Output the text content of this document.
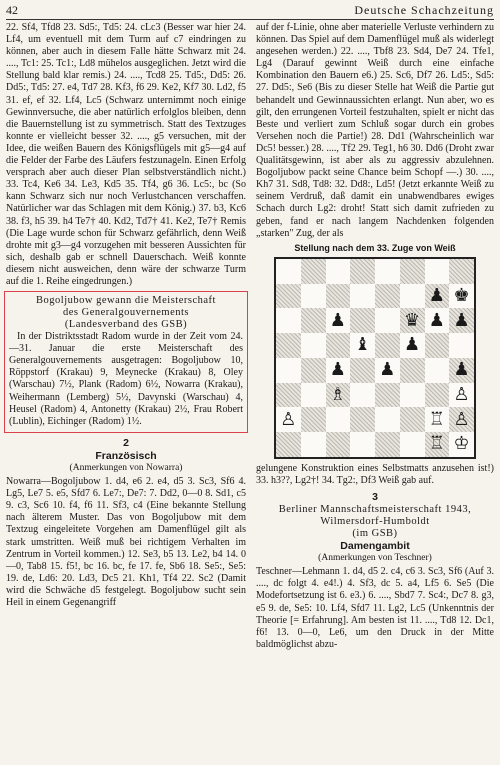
42	Deutsche Schachzeitung

22. Sf4, Tfd8 23. Sd5:, Td5: 24. cLc3 (Besser war hier 24. Lf4, um eventuell mit dem Turm auf c7 eindringen zu können, aber auch in diesem Falle hätte Schwarz mit 24. ...., Tc1: 25. Tc1:, Ld8 mühelos ausgeglichen. Jetzt wird die Stellung bald klar remis.) 24. ...., Tcd8 25. Td5:, Dd5: 26. Dd5:, Td5: 27. e4, Td7 28. Kf3, f6 29. Ke2, Kf7 30. Ld2, f5 31. ef, ef 32. Lf4, Lc5 (Schwarz unternimmt noch einige Gewinnversuche, die aber natürlich erfolglos bleiben, denn die Bauernstellung ist zu symmetrisch. Statt des Textzuges konnte er vielleicht besser 32. ...., g5 versuchen, mit der Idee, die weißen Bauern des Königsflügels mit g5—g4 auf die Felder der Farbe des Läufers festzunageln. Einen Erfolg versprach aber auch dieser Plan selbstverständlich nicht.) 33. Tc4, Ke6 34. Le3, Kd5 35. Tf4, g6 36. Lc5:, bc (So kann Schwarz sich nur noch Verlustchancen verschaffen. Natürlicher war das Schlagen mit dem König.) 37. b3, Kc6 38. f3, h5 39. h4 Te7† 40. Kd2, Td7† 41. Ke2, Te7† Remis (Die Lage wurde schon für Schwarz gefährlich, denn Weiß drohte mit g3—g4 vorzugehen mit besseren Aussichten für sich, deshalb gab er schnell Dauerschach. Weiß konnte diesem nicht ausweichen, denn wäre der schwarze Turm auf die 1. Reihe eingedrungen.)

Bogoljubow gewann die Meisterschaft
des Generalgouvernements
(Landesverband des GSB)

In der Distriktsstadt Radom wurde in der Zeit vom 24.—31. Januar die erste Meisterschaft des Generalgouvernements ausgetragen: Bogoljubow 10, Röppstorf (Krakau) 9, Meynecke (Krakau) 8, Oley (Warschau) 7½, Plank (Radom) 6½, Nowarra (Krakau), Weihermann (Lemberg) 5½, Davynski (Warschau) 4, Heusel (Radom) 4, Antonetty (Krakau) 2½, Frau Robert (Lublin), Eichinger (Radom) 1½.

2
Französisch
(Anmerkungen von Nowarra)

Nowarra—Bogoljubow 1. d4, e6 2. e4, d5 3. Sc3, Sf6 4. Lg5, Le7 5. e5, Sfd7 6. Le7:, De7: 7. Dd2, 0—0 8. Sd1, c5 9. c3, Sc6 10. f4, f6 11. Sf3, c4 (Eine bekannte Stellung nach älterem Muster. Das von Bogoljubow mit dem Textzug eingeleitete Vorgehen am Damenflügel gilt als stark umstritten. Weiß muß bei richtigem Verhalten im Zentrum in Vorteil kommen.) 12. Se3, b5 13. Le2, b4 14. 0—0, Tab8 15. f5!, bc 16. bc, fe 17. fe, Sb6 18. Se5:, Se5: 19. de, Ld6: 20. Ld3, Dc5 21. Kh1, Tf4 22. Sc2 (Damit wird die Schwäche d5 festgelegt. Bogoljubow sucht sein Heil in einem Gegenangriff

auf der f-Linie, ohne aber materielle Verluste verhindern zu können. Das Spiel auf dem Damenflügel muß als widerlegt angesehen werden.) 22. ...., Tbf8 23. Sd4, De7 24. Tfe1, Lg4 (Darauf gewinnt Weiß durch eine einfache Kombination den Bauern e6.) 25. Sc6, Df7 26. Ld5:, Sd5: 27. Dd5:, Se6 (Bis zu dieser Stelle hat Weiß die Partie gut behandelt und Gewinnaussichten erlangt. Nun aber, wo es gilt, den errungenen Vorteil festzuhalten, spielt er nicht das Beste und verliert zum Schluß sogar durch ein grobes Versehen noch die Partie!) 28. Dd1 (Wahrscheinlich war Dc5! besser.) 28. ...., Tf2 29. Teg1, h6 30. Dd6 (Droht zwar Qualitätsgewinn, ist aber als zu aggressiv abzulehnen. Bogoljubow packt seine Chance beim Schopf —.) 30. ...., Kh7 31. Sd8, Td8: 32. Dd8:, Ld5! (Jetzt erkannte Weiß zu seinem Verdruß, daß damit ein unabwendbares ewiges Schach durch Lg2: droht! Statt sich damit zufrieden zu geben, fand er nach langem Nachdenken folgenden „starken" Zug, der als

Stellung nach dem 33. Zuge von Weiß
♟ ♚
♟	♛ ♟ ♟
♝ ♟
♟ ♟	♟
♗	♙
♙	♖ ♙
♖ ♔

gelungene Konstruktion eines Selbstmatts anzusehen ist!) 33. h3??, Lg2†! 34. Tg2:, Df3 Weiß gab auf.

3
Berliner Mannschaftsmeisterschaft 1943, Wilmersdorf-Humboldt
(im GSB)
Damengambit
(Anmerkungen von Teschner)

Teschner—Lehmann 1. d4, d5 2. c4, c6 3. Sc3, Sf6 (Auf 3. ...., dc folgt 4. e4!.) 4. Sf3, dc 5. a4, Lf5 6. Se5 (Die Modefortsetzung ist 6. e3.) 6. ...., Sbd7 7. Sc4:, Dc7 8. g3, e5 9. de, Se5: 10. Lf4, Sfd7 11. Lg2, Lc5 (Unkenntnis der Theorie [= Erfahrung]. Am besten ist 11. ...., Td8 12. Dc1, f6! 13. 0—0, Le6, um den Druck in der Mitte baldmöglichst abzu-
